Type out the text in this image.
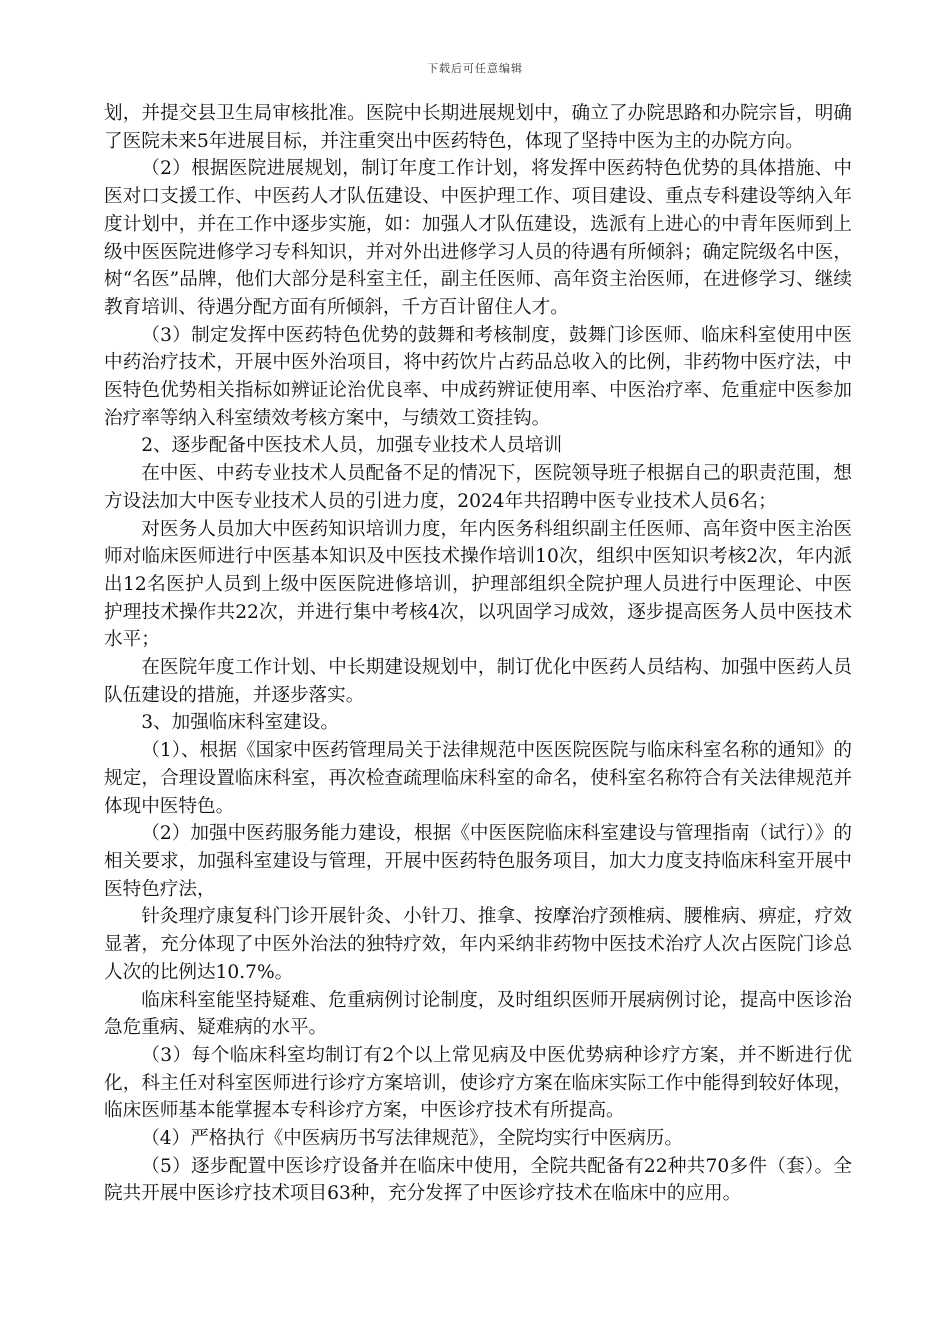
下载后可任意编辑

划，并提交县卫生局审核批准。医院中长期进展规划中，确立了办院思路和办院宗旨，明确了医院未来5年进展目标，并注重突出中医药特色，体现了坚持中医为主的办院方向。

（2）根据医院进展规划，制订年度工作计划，将发挥中医药特色优势的具体措施、中医对口支援工作、中医药人才队伍建设、中医护理工作、项目建设、重点专科建设等纳入年度计划中，并在工作中逐步实施，如：加强人才队伍建设，选派有上进心的中青年医师到上级中医医院进修学习专科知识，并对外出进修学习人员的待遇有所倾斜；确定院级名中医，树“名医”品牌，他们大部分是科室主任，副主任医师、高年资主治医师，在进修学习、继续教育培训、待遇分配方面有所倾斜，千方百计留住人才。

（3）制定发挥中医药特色优势的鼓舞和考核制度，鼓舞门诊医师、临床科室使用中医中药治疗技术，开展中医外治项目，将中药饮片占药品总收入的比例，非药物中医疗法，中医特色优势相关指标如辨证论治优良率、中成药辨证使用率、中医治疗率、危重症中医参加治疗率等纳入科室绩效考核方案中，与绩效工资挂钩。

2、逐步配备中医技术人员，加强专业技术人员培训

在中医、中药专业技术人员配备不足的情况下，医院领导班子根据自己的职责范围，想方设法加大中医专业技术人员的引进力度，2024年共招聘中医专业技术人员6名；

对医务人员加大中医药知识培训力度，年内医务科组织副主任医师、高年资中医主治医师对临床医师进行中医基本知识及中医技术操作培训10次，组织中医知识考核2次，年内派出12名医护人员到上级中医医院进修培训，护理部组织全院护理人员进行中医理论、中医护理技术操作共22次，并进行集中考核4次，以巩固学习成效，逐步提高医务人员中医技术水平；

在医院年度工作计划、中长期建设规划中，制订优化中医药人员结构、加强中医药人员队伍建设的措施，并逐步落实。

3、加强临床科室建设。

（1）、根据《国家中医药管理局关于法律规范中医医院医院与临床科室名称的通知》的规定，合理设置临床科室，再次检查疏理临床科室的命名，使科室名称符合有关法律规范并体现中医特色。

（2）加强中医药服务能力建设，根据《中医医院临床科室建设与管理指南（试行）》的相关要求，加强科室建设与管理，开展中医药特色服务项目，加大力度支持临床科室开展中医特色疗法，

针灸理疗康复科门诊开展针灸、小针刀、推拿、按摩治疗颈椎病、腰椎病、痹症，疗效显著，充分体现了中医外治法的独特疗效，年内采纳非药物中医技术治疗人次占医院门诊总人次的比例达10.7%。

临床科室能坚持疑难、危重病例讨论制度，及时组织医师开展病例讨论，提高中医诊治急危重病、疑难病的水平。

（3）每个临床科室均制订有2个以上常见病及中医优势病种诊疗方案，并不断进行优化，科主任对科室医师进行诊疗方案培训，使诊疗方案在临床实际工作中能得到较好体现，临床医师基本能掌握本专科诊疗方案，中医诊疗技术有所提高。

（4）严格执行《中医病历书写法律规范》，全院均实行中医病历。

（5）逐步配置中医诊疗设备并在临床中使用，全院共配备有22种共70多件（套）。全院共开展中医诊疗技术项目63种，充分发挥了中医诊疗技术在临床中的应用。
